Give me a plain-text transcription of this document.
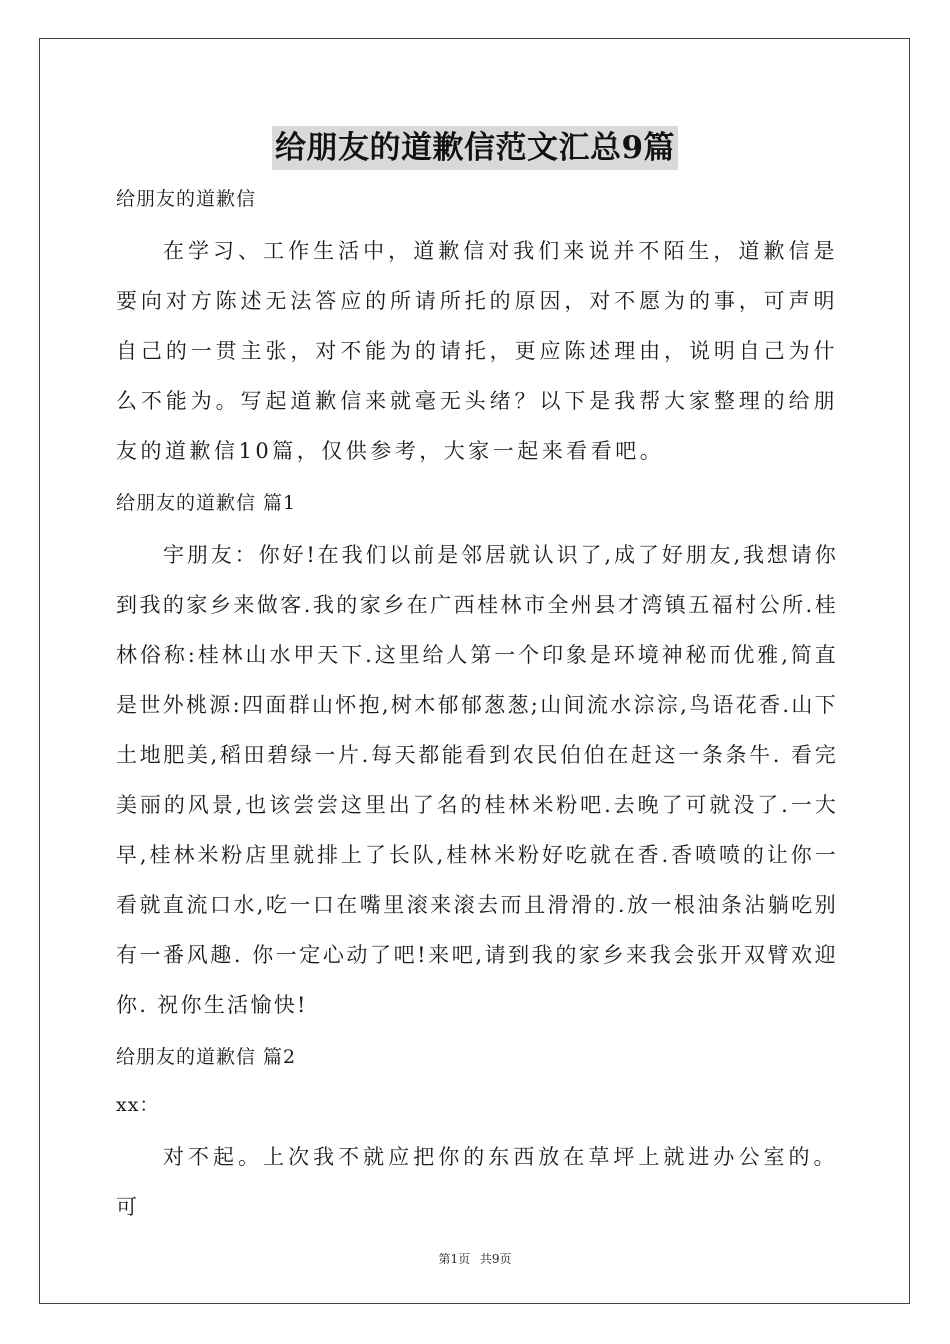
给朋友的道歉信范文汇总9篇

给朋友的道歉信

在学习、工作生活中，道歉信对我们来说并不陌生，道歉信是要向对方陈述无法答应的所请所托的原因，对不愿为的事，可声明自己的一贯主张，对不能为的请托，更应陈述理由，说明自己为什么不能为。写起道歉信来就毫无头绪？以下是我帮大家整理的给朋友的道歉信10篇，仅供参考，大家一起来看看吧。

给朋友的道歉信 篇1

宇朋友：你好!在我们以前是邻居就认识了,成了好朋友,我想请你到我的家乡来做客.我的家乡在广西桂林市全州县才湾镇五福村公所.桂林俗称:桂林山水甲天下.这里给人第一个印象是环境神秘而优雅,简直是世外桃源:四面群山怀抱,树木郁郁葱葱;山间流水淙淙,鸟语花香.山下土地肥美,稻田碧绿一片.每天都能看到农民伯伯在赶这一条条牛. 看完美丽的风景,也该尝尝这里出了名的桂林米粉吧.去晚了可就没了.一大早,桂林米粉店里就排上了长队,桂林米粉好吃就在香.香喷喷的让你一看就直流口水,吃一口在嘴里滚来滚去而且滑滑的.放一根油条沾躺吃别有一番风趣. 你一定心动了吧!来吧,请到我的家乡来我会张开双臂欢迎你. 祝你生活愉快!

给朋友的道歉信 篇2

xx：

对不起。上次我不就应把你的东西放在草坪上就进办公室的。可

第1页 共9页
